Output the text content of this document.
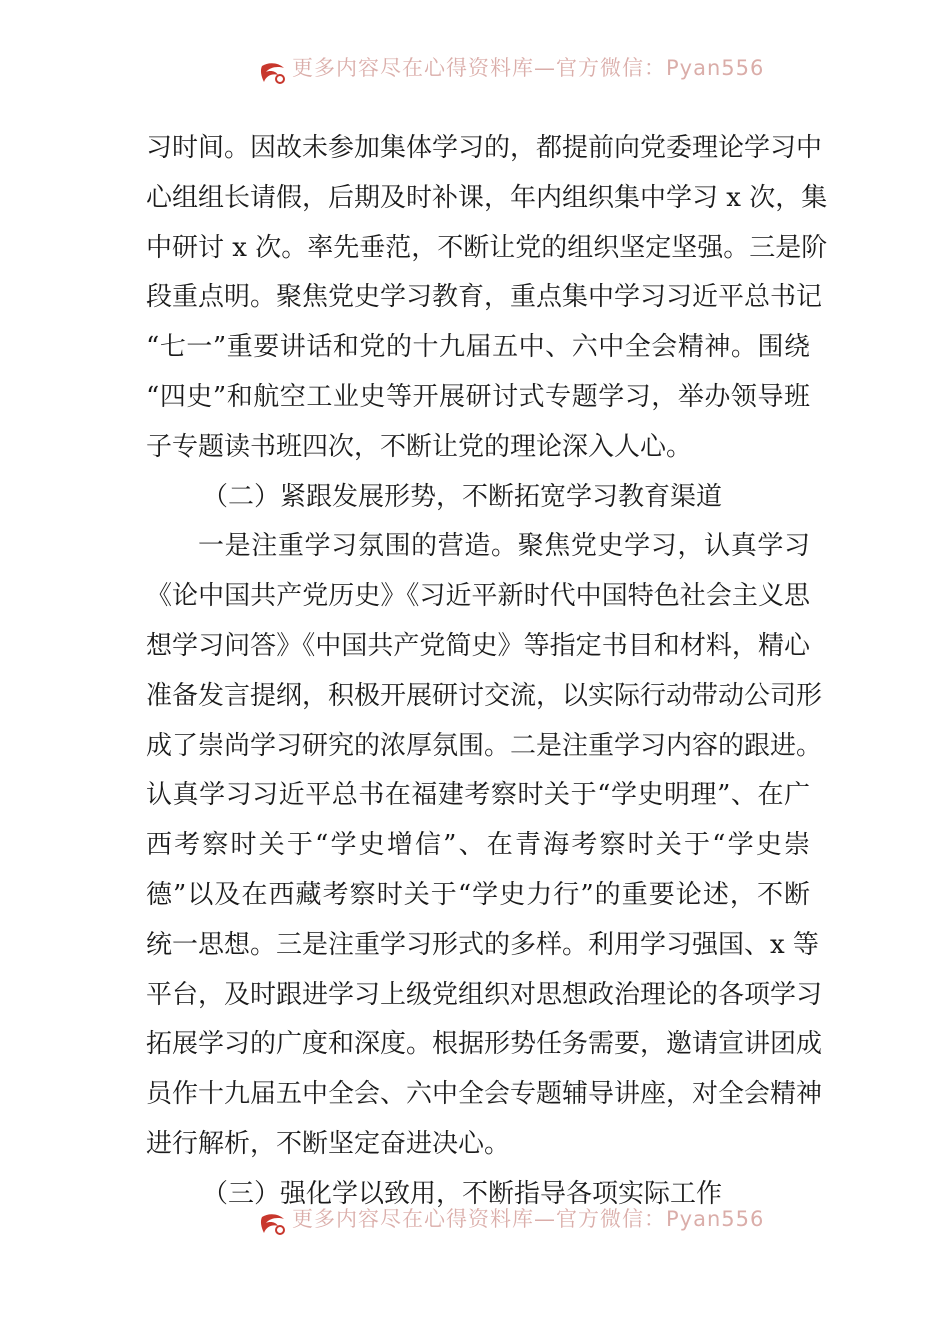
更多内容尽在心得资料库—官方微信：Pyan556
习时间。因故未参加集体学习的，都提前向党委理论学习中
心组组长请假，后期及时补课，年内组织集中学习 x 次，集
中研讨 x 次。率先垂范，不断让党的组织坚定坚强。三是阶
段重点明。聚焦党史学习教育，重点集中学习习近平总书记
“七一”重要讲话和党的十九届五中、六中全会精神。围绕
“四史”和航空工业史等开展研讨式专题学习，举办领导班
子专题读书班四次，不断让党的理论深入人心。
（二）紧跟发展形势，不断拓宽学习教育渠道
一是注重学习氛围的营造。聚焦党史学习，认真学习
《论中国共产党历史》《习近平新时代中国特色社会主义思
想学习问答》《中国共产党简史》等指定书目和材料，精心
准备发言提纲，积极开展研讨交流，以实际行动带动公司形
成了崇尚学习研究的浓厚氛围。二是注重学习内容的跟进。
认真学习习近平总书在福建考察时关于“学史明理”、在广
西考察时关于“学史增信”、在青海考察时关于“学史崇
德”以及在西藏考察时关于“学史力行”的重要论述，不断
统一思想。三是注重学习形式的多样。利用学习强国、x 等
平台，及时跟进学习上级党组织对思想政治理论的各项学习
拓展学习的广度和深度。根据形势任务需要，邀请宣讲团成
员作十九届五中全会、六中全会专题辅导讲座，对全会精神
进行解析，不断坚定奋进决心。
（三）强化学以致用，不断指导各项实际工作
更多内容尽在心得资料库—官方微信：Pyan556
